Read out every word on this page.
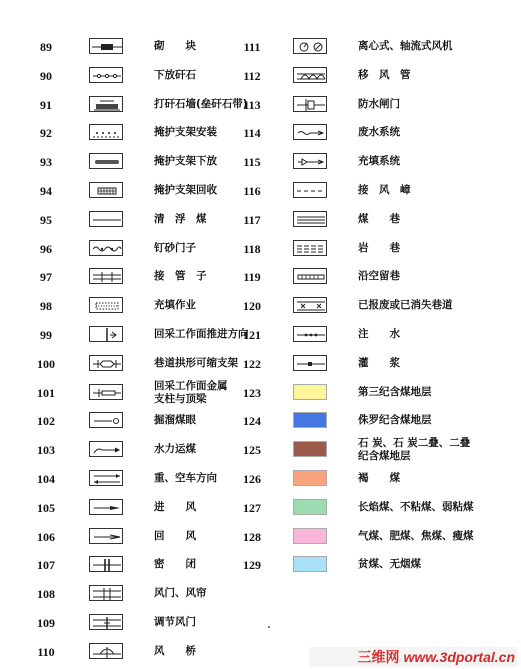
89	砌　　块
90	下放矸石
91	打矸石墙(垒矸石带)
92	掩护支架安装
93	掩护支架下放
94	掩护支架回收
95	清　浮　煤
96	钉砂门子
97	接　管　子
98	充填作业
99	回采工作面推进方向
100	巷道拱形可缩支架
101	回采工作面金属
支柱与顶梁
102	掘溜煤眼
103	水力运煤
104	重、空车方向
105	进　　风
106	回　　风
107	密　　闭
108	风门、风帘
109	调节风门
110	风　　桥
111	离心式、轴流式风机
112	移　风　管
113	防水闸门
114	废水系统
115	充填系统
116	接　风　嶂
117	煤　　巷
118	岩　　巷
119	沿空留巷
120	已报废或已消失巷道
121	注　　水
122	灌　　浆
123	第三纪含煤地层
124	侏罗纪含煤地层
125	石 炭、石 炭二叠、二叠
纪含煤地层
126	褐　　煤
127	长焰煤、不粘煤、弱粘煤
128	气煤、肥煤、焦煤、瘦煤
129	贫煤、无烟煤
三维网 www.3dportal.cn
